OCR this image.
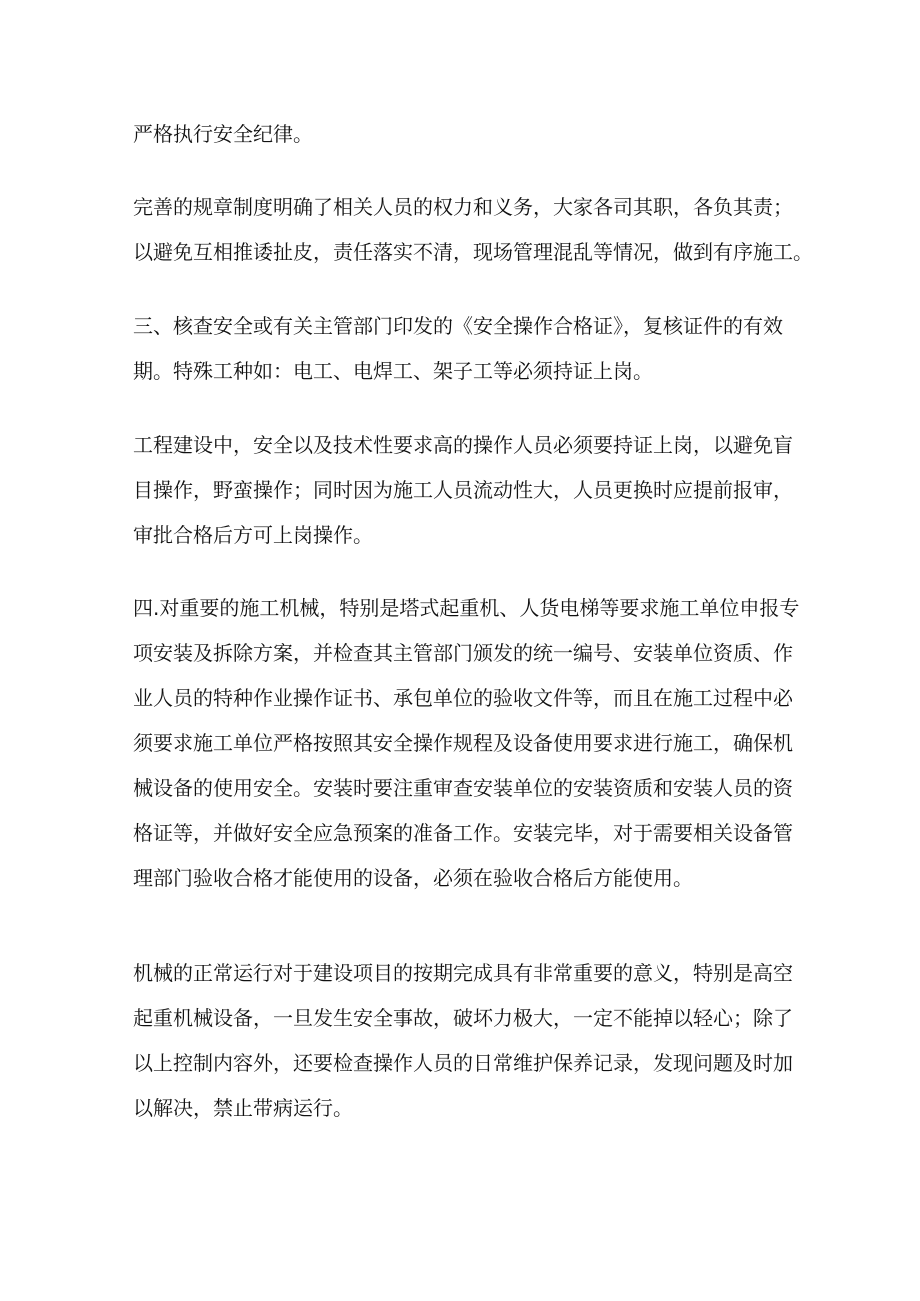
严格执行安全纪律。

完善的规章制度明确了相关人员的权力和义务，大家各司其职，各负其责；
以避免互相推诿扯皮，责任落实不清，现场管理混乱等情况，做到有序施工。

三、核查安全或有关主管部门印发的《安全操作合格证》，复核证件的有效
期。特殊工种如：电工、电焊工、架子工等必须持证上岗。

工程建设中，安全以及技术性要求高的操作人员必须要持证上岗，以避免盲
目操作，野蛮操作；同时因为施工人员流动性大，人员更换时应提前报审，
审批合格后方可上岗操作。

四.对重要的施工机械，特别是塔式起重机、人货电梯等要求施工单位申报专
项安装及拆除方案，并检查其主管部门颁发的统一编号、安装单位资质、作
业人员的特种作业操作证书、承包单位的验收文件等，而且在施工过程中必
须要求施工单位严格按照其安全操作规程及设备使用要求进行施工，确保机
械设备的使用安全。安装时要注重审查安装单位的安装资质和安装人员的资
格证等，并做好安全应急预案的准备工作。安装完毕，对于需要相关设备管
理部门验收合格才能使用的设备，必须在验收合格后方能使用。

机械的正常运行对于建设项目的按期完成具有非常重要的意义，特别是高空
起重机械设备，一旦发生安全事故，破坏力极大，一定不能掉以轻心；除了
以上控制内容外，还要检查操作人员的日常维护保养记录，发现问题及时加
以解决，禁止带病运行。
